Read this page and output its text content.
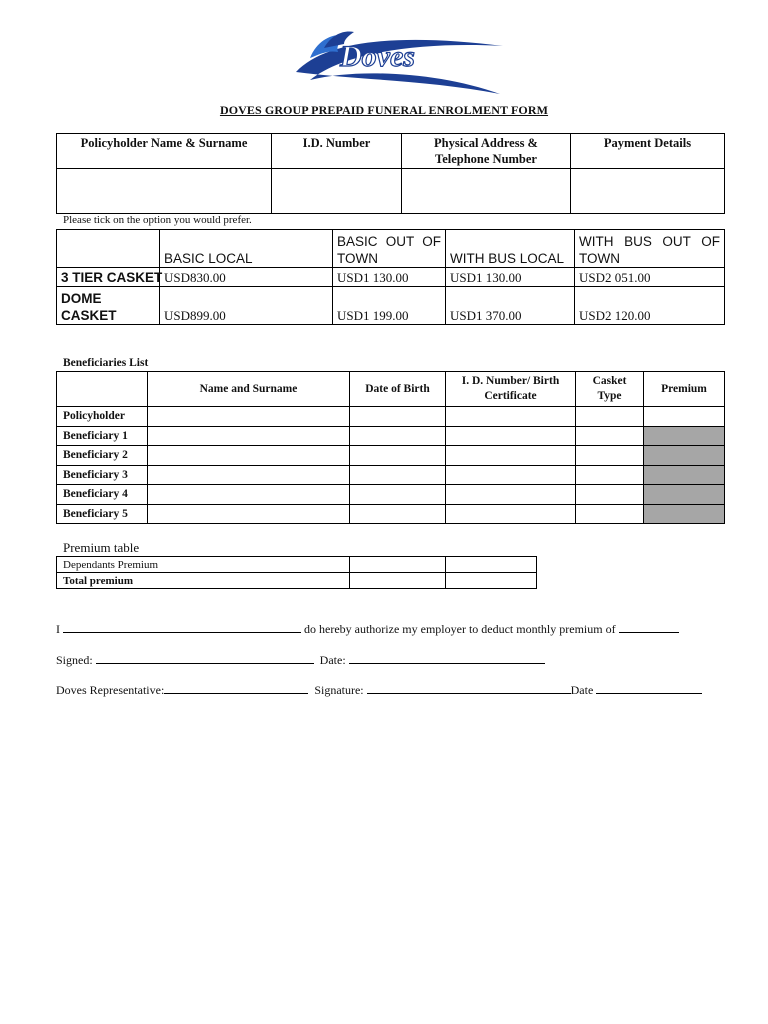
Doves
DOVES GROUP PREPAID FUNERAL ENROLMENT FORM
Policyholder Name & Surname	I.D. Number	Physical Address & Telephone Number	Payment Details

Please tick on the option you would prefer.
	BASIC LOCAL	BASIC OUT OF TOWN	WITH BUS LOCAL	WITH BUS OUT OF TOWN
3 TIER CASKET	USD830.00	USD1 130.00	USD1 130.00	USD2 051.00
DOME CASKET	USD899.00	USD1 199.00	USD1 370.00	USD2 120.00
Beneficiaries List
	Name and Surname	Date of Birth	I. D. Number/ Birth Certificate	Casket Type	Premium
Policyholder					
Beneficiary 1					
Beneficiary 2					
Beneficiary 3					
Beneficiary 4					
Beneficiary 5					
Premium table
Dependants Premium		
Total premium		
I	do hereby authorize my employer to deduct monthly premium of
Signed:	Date:
Doves Representative:	Signature:	Date
